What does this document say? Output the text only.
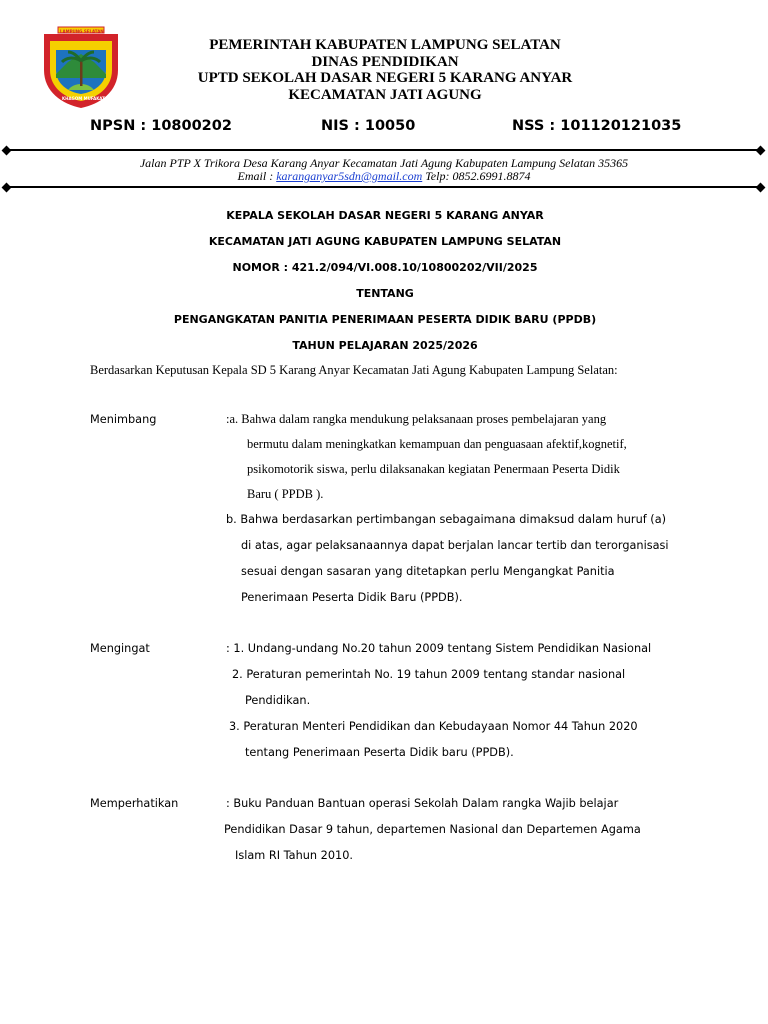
LAMPUNG SELATAN
KHAGOM MUFAKAT
PEMERINTAH KABUPATEN LAMPUNG SELATAN
DINAS PENDIDIKAN
UPTD SEKOLAH DASAR NEGERI 5 KARANG ANYAR
KECAMATAN JATI AGUNG
NPSN : 10800202	NIS : 10050	NSS : 101120121035
Jalan PTP X Trikora Desa Karang Anyar Kecamatan Jati Agung Kabupaten Lampung Selatan 35365
Email : karanganyar5sdn@gmail.com Telp: 0852.6991.8874
KEPALA SEKOLAH DASAR NEGERI 5 KARANG ANYAR
KECAMATAN JATI AGUNG KABUPATEN LAMPUNG SELATAN
NOMOR : 421.2/094/VI.008.10/10800202/VII/2025
TENTANG
PENGANGKATAN PANITIA PENERIMAAN PESERTA DIDIK BARU (PPDB)
TAHUN PELAJARAN 2025/2026
Berdasarkan Keputusan Kepala SD 5 Karang Anyar Kecamatan Jati Agung Kabupaten Lampung Selatan:
Menimbang	:a. Bahwa dalam rangka mendukung pelaksanaan proses pembelajaran yang
bermutu dalam meningkatkan kemampuan dan penguasaan afektif,kognetif,
psikomotorik siswa, perlu dilaksanakan kegiatan Penermaan Peserta Didik
Baru ( PPDB ).
b. Bahwa berdasarkan pertimbangan sebagaimana dimaksud dalam huruf (a)
di atas, agar pelaksanaannya dapat berjalan lancar tertib dan terorganisasi
sesuai dengan sasaran yang ditetapkan perlu Mengangkat Panitia
Penerimaan Peserta Didik Baru (PPDB).
Mengingat	: 1. Undang-undang No.20 tahun 2009 tentang Sistem Pendidikan Nasional
2. Peraturan pemerintah No. 19 tahun 2009 tentang standar nasional
Pendidikan.
3. Peraturan Menteri Pendidikan dan Kebudayaan Nomor 44 Tahun 2020
tentang Penerimaan Peserta Didik baru (PPDB).
Memperhatikan	: Buku Panduan Bantuan operasi Sekolah Dalam rangka Wajib belajar
Pendidikan Dasar 9 tahun, departemen Nasional dan Departemen Agama
Islam RI Tahun 2010.
